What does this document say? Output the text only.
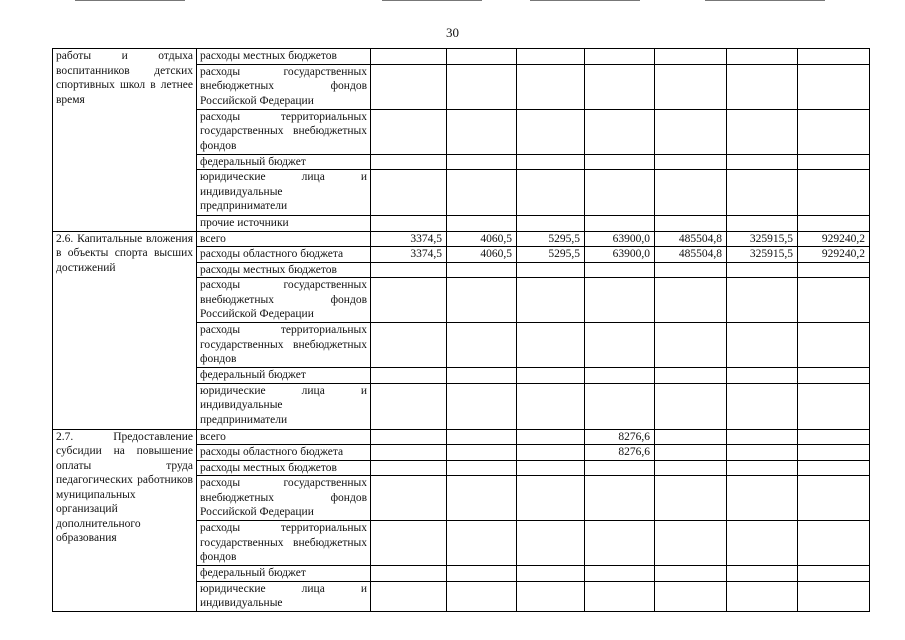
30
работы и отдыха воспитанников детских спортивных школ в летнее время	расходы местных бюджетов							
	расходы государственных внебюджетных фондов Российской Федерации							
	расходы территориальных государственных внебюджетных фондов							
	федеральный бюджет							
	юридические лица и индивидуальные предприниматели							
	прочие источники							

2.6. Капитальные вложения в объекты спорта высших достижений	всего	3374,5	4060,5	5295,5	63900,0	485504,8	325915,5	929240,2
	расходы областного бюджета	3374,5	4060,5	5295,5	63900,0	485504,8	325915,5	929240,2
	расходы местных бюджетов							
	расходы государственных внебюджетных фондов Российской Федерации							
	расходы территориальных государственных внебюджетных фондов							
	федеральный бюджет							
	юридические лица и индивидуальные предприниматели							

2.7. Предоставление субсидии на повышение оплаты труда педагогических работников муниципальных организаций дополнительного образования	всего				8276,6			
	расходы областного бюджета				8276,6			
	расходы местных бюджетов							
	расходы государственных внебюджетных фондов Российской Федерации							
	расходы территориальных государственных внебюджетных фондов							
	федеральный бюджет							
	юридические лица и индивидуальные							
